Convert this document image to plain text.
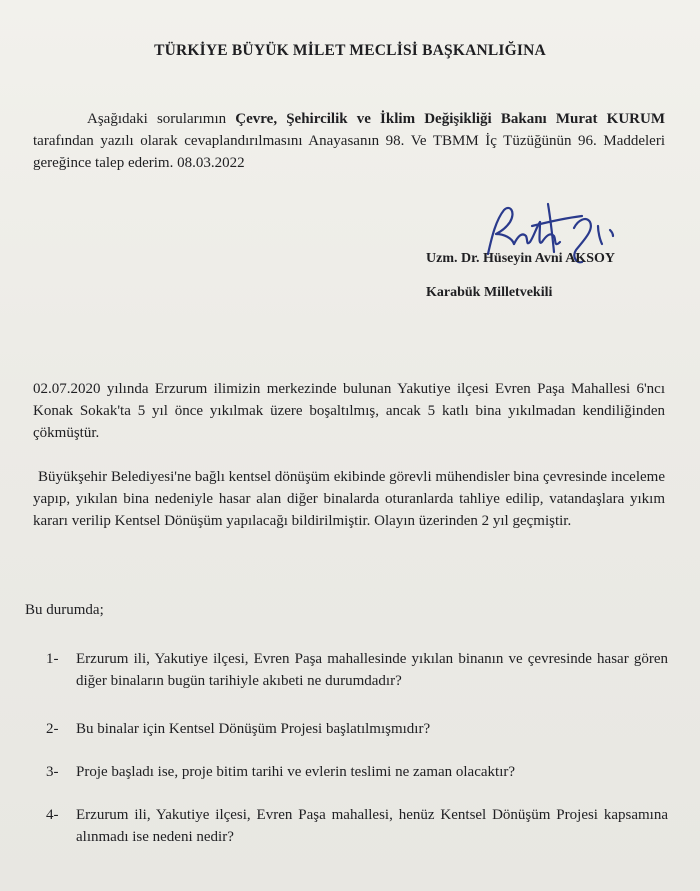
TÜRKİYE BÜYÜK MİLET MECLİSİ BAŞKANLIĞINA
Aşağıdaki sorularımın Çevre, Şehircilik ve İklim Değişikliği Bakanı Murat KURUM tarafından yazılı olarak cevaplandırılmasını Anayasanın 98. Ve TBMM İç Tüzüğünün 96. Maddeleri gereğince talep ederim. 08.03.2022
Uzm. Dr. Hüseyin Avni AKSOY
Karabük Milletvekili
02.07.2020 yılında Erzurum ilimizin merkezinde bulunan Yakutiye ilçesi Evren Paşa Mahallesi 6'ncı Konak Sokak'ta 5 yıl önce yıkılmak üzere boşaltılmış, ancak 5 katlı bina yıkılmadan kendiliğinden çökmüştür.
Büyükşehir Belediyesi'ne bağlı kentsel dönüşüm ekibinde görevli mühendisler bina çevresinde inceleme yapıp, yıkılan bina nedeniyle hasar alan diğer binalarda oturanlarda tahliye edilip, vatandaşlara yıkım kararı verilip Kentsel Dönüşüm yapılacağı bildirilmiştir. Olayın üzerinden 2 yıl geçmiştir.
Bu durumda;
1- Erzurum ili, Yakutiye ilçesi, Evren Paşa mahallesinde yıkılan binanın ve çevresinde hasar gören diğer binaların bugün tarihiyle akıbeti ne durumdadır?
2- Bu binalar için Kentsel Dönüşüm Projesi başlatılmışmıdır?
3- Proje başladı ise, proje bitim tarihi ve evlerin teslimi ne zaman olacaktır?
4- Erzurum ili, Yakutiye ilçesi, Evren Paşa mahallesi, henüz Kentsel Dönüşüm Projesi kapsamına alınmadı ise nedeni nedir?
